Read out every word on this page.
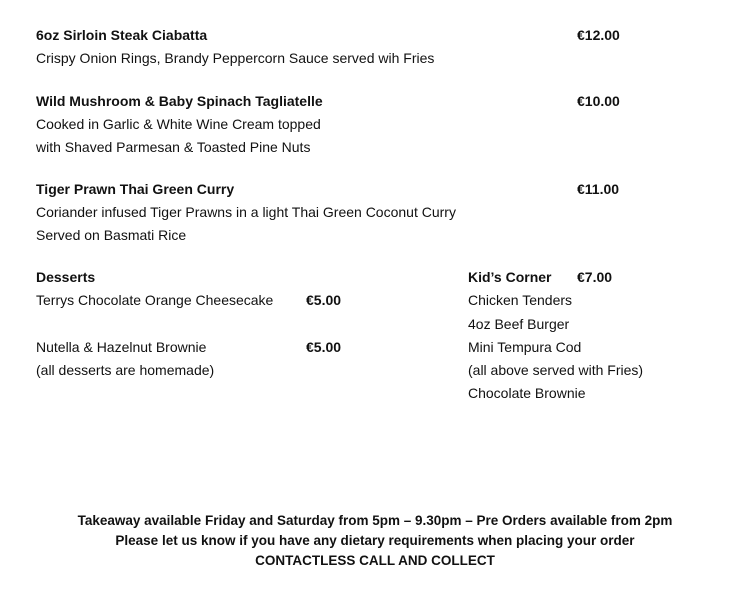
6oz Sirloin Steak Ciabatta	€12.00
Crispy Onion Rings, Brandy Peppercorn Sauce served wih Fries
Wild Mushroom & Baby Spinach Tagliatelle	€10.00
Cooked in Garlic & White Wine Cream topped
with Shaved Parmesan & Toasted Pine Nuts
Tiger Prawn Thai Green Curry	€11.00
Coriander infused Tiger Prawns in a light Thai Green Coconut Curry
Served on Basmati Rice
Desserts
Terrys Chocolate Orange Cheesecake €5.00
Nutella & Hazelnut Brownie	€5.00
(all desserts are homemade)
Kid’s Corner €7.00
Chicken Tenders
4oz Beef Burger
Mini Tempura Cod
(all above served with Fries)
Chocolate Brownie
Takeaway available Friday and Saturday from 5pm – 9.30pm – Pre Orders available from 2pm
Please let us know if you have any dietary requirements when placing your order
CONTACTLESS CALL AND COLLECT
